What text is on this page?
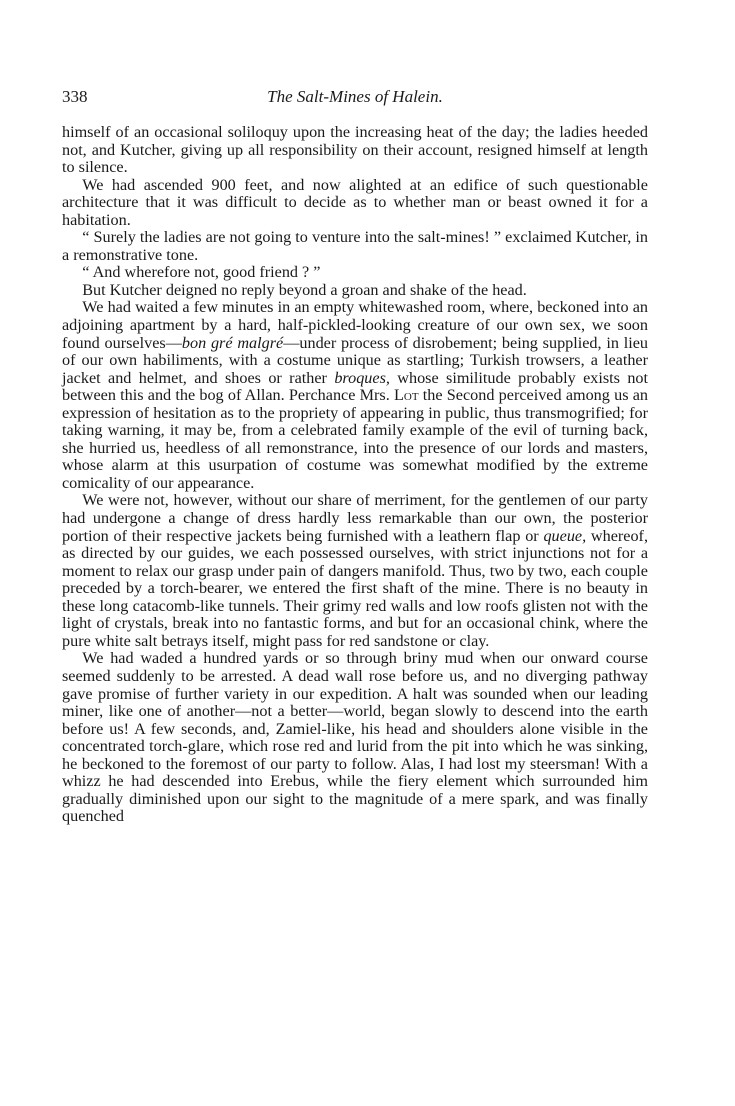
338	The Salt-Mines of Halein.

himself of an occasional soliloquy upon the increasing heat of the day; the ladies heeded not, and Kutcher, giving up all responsibility on their account, resigned himself at length to silence.

We had ascended 900 feet, and now alighted at an edifice of such questionable architecture that it was difficult to decide as to whether man or beast owned it for a habitation.

“ Surely the ladies are not going to venture into the salt-mines! ” exclaimed Kutcher, in a remonstrative tone.

“ And wherefore not, good friend ? ”

But Kutcher deigned no reply beyond a groan and shake of the head.

We had waited a few minutes in an empty whitewashed room, where, beckoned into an adjoining apartment by a hard, half-pickled-looking creature of our own sex, we soon found ourselves—bon gré malgré—under process of disrobement; being supplied, in lieu of our own habiliments, with a costume unique as startling; Turkish trowsers, a leather jacket and helmet, and shoes or rather broques, whose similitude probably exists not between this and the bog of Allan. Perchance Mrs. Lot the Second perceived among us an expression of hesitation as to the propriety of appearing in public, thus transmogrified; for taking warning, it may be, from a celebrated family example of the evil of turning back, she hurried us, heedless of all remonstrance, into the presence of our lords and masters, whose alarm at this usurpation of costume was somewhat modified by the extreme comicality of our appearance.

We were not, however, without our share of merriment, for the gentlemen of our party had undergone a change of dress hardly less remarkable than our own, the posterior portion of their respective jackets being furnished with a leathern flap or queue, whereof, as directed by our guides, we each possessed ourselves, with strict injunctions not for a moment to relax our grasp under pain of dangers manifold. Thus, two by two, each couple preceded by a torch-bearer, we entered the first shaft of the mine. There is no beauty in these long catacomb-like tunnels. Their grimy red walls and low roofs glisten not with the light of crystals, break into no fantastic forms, and but for an occasional chink, where the pure white salt betrays itself, might pass for red sandstone or clay.

We had waded a hundred yards or so through briny mud when our onward course seemed suddenly to be arrested. A dead wall rose before us, and no diverging pathway gave promise of further variety in our expedition. A halt was sounded when our leading miner, like one of another—not a better—world, began slowly to descend into the earth before us! A few seconds, and, Zamiel-like, his head and shoulders alone visible in the concentrated torch-glare, which rose red and lurid from the pit into which he was sinking, he beckoned to the foremost of our party to follow. Alas, I had lost my steersman! With a whizz he had descended into Erebus, while the fiery element which surrounded him gradually diminished upon our sight to the magnitude of a mere spark, and was finally quenched
